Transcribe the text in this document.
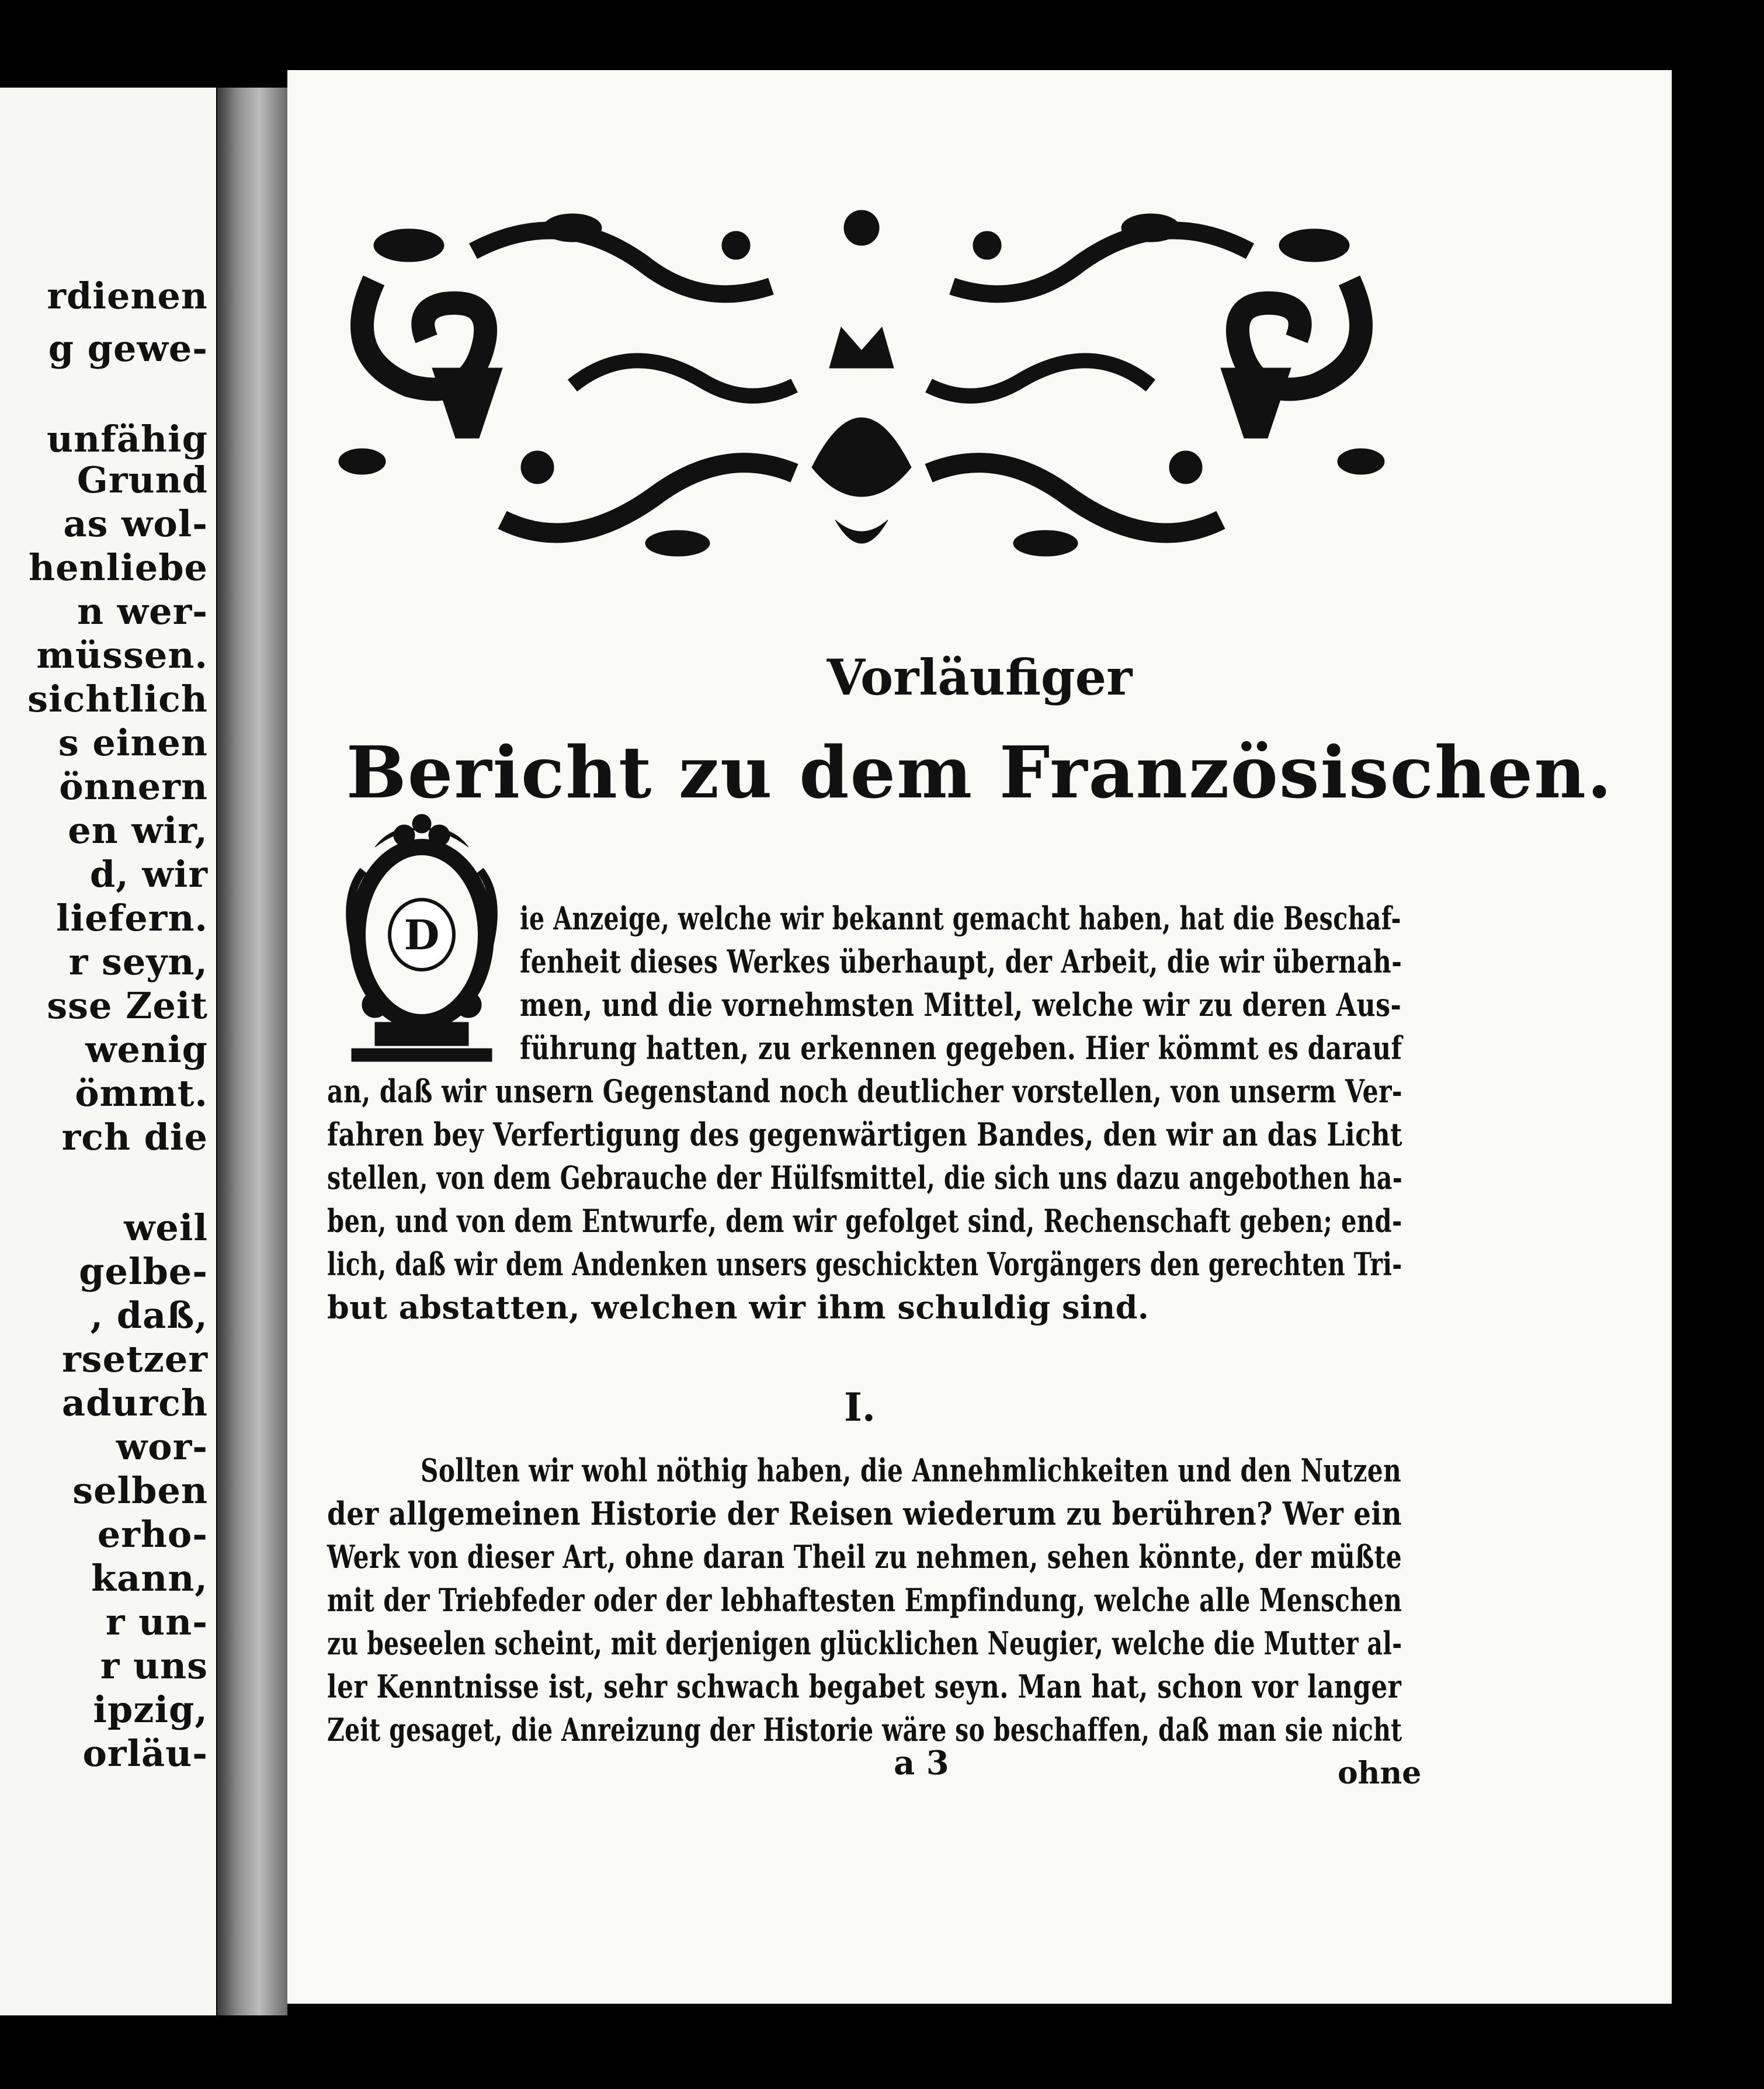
rdienen
g gewe-
unfähig
Grund
as wol-
henliebe
n wer-
müssen.
sichtlich
s einen
önnern
en wir,
d, wir
liefern.
r seyn,
sse Zeit
wenig
ömmt.
rch die
weil
gelbe-
, daß,
rsetzer
adurch
wor-
selben
erho-
kann,
r un-
r uns
ipzig,
orläu-
Vorläufiger
Bericht zu dem Französischen.
D	ie Anzeige, welche wir bekannt gemacht haben, hat die Beschaf-
fenheit dieses Werkes überhaupt, der Arbeit, die wir übernah-
men, und die vornehmsten Mittel, welche wir zu deren Aus-
führung hatten, zu erkennen gegeben. Hier kömmt es darauf
an, daß wir unsern Gegenstand noch deutlicher vorstellen, von unserm Ver-
fahren bey Verfertigung des gegenwärtigen Bandes, den wir an das Licht
stellen, von dem Gebrauche der Hülfsmittel, die sich uns dazu angebothen ha-
ben, und von dem Entwurfe, dem wir gefolget sind, Rechenschaft geben; end-
lich, daß wir dem Andenken unsers geschickten Vorgängers den gerechten Tri-
but abstatten, welchen wir ihm schuldig sind.
I.
Sollten wir wohl nöthig haben, die Annehmlichkeiten und den Nutzen
der allgemeinen Historie der Reisen wiederum zu berühren? Wer ein
Werk von dieser Art, ohne daran Theil zu nehmen, sehen könnte, der müßte
mit der Triebfeder oder der lebhaftesten Empfindung, welche alle Menschen
zu beseelen scheint, mit derjenigen glücklichen Neugier, welche die Mutter al-
ler Kenntnisse ist, sehr schwach begabet seyn. Man hat, schon vor langer
Zeit gesaget, die Anreizung der Historie wäre so beschaffen, daß man sie nicht
a 3	ohne
